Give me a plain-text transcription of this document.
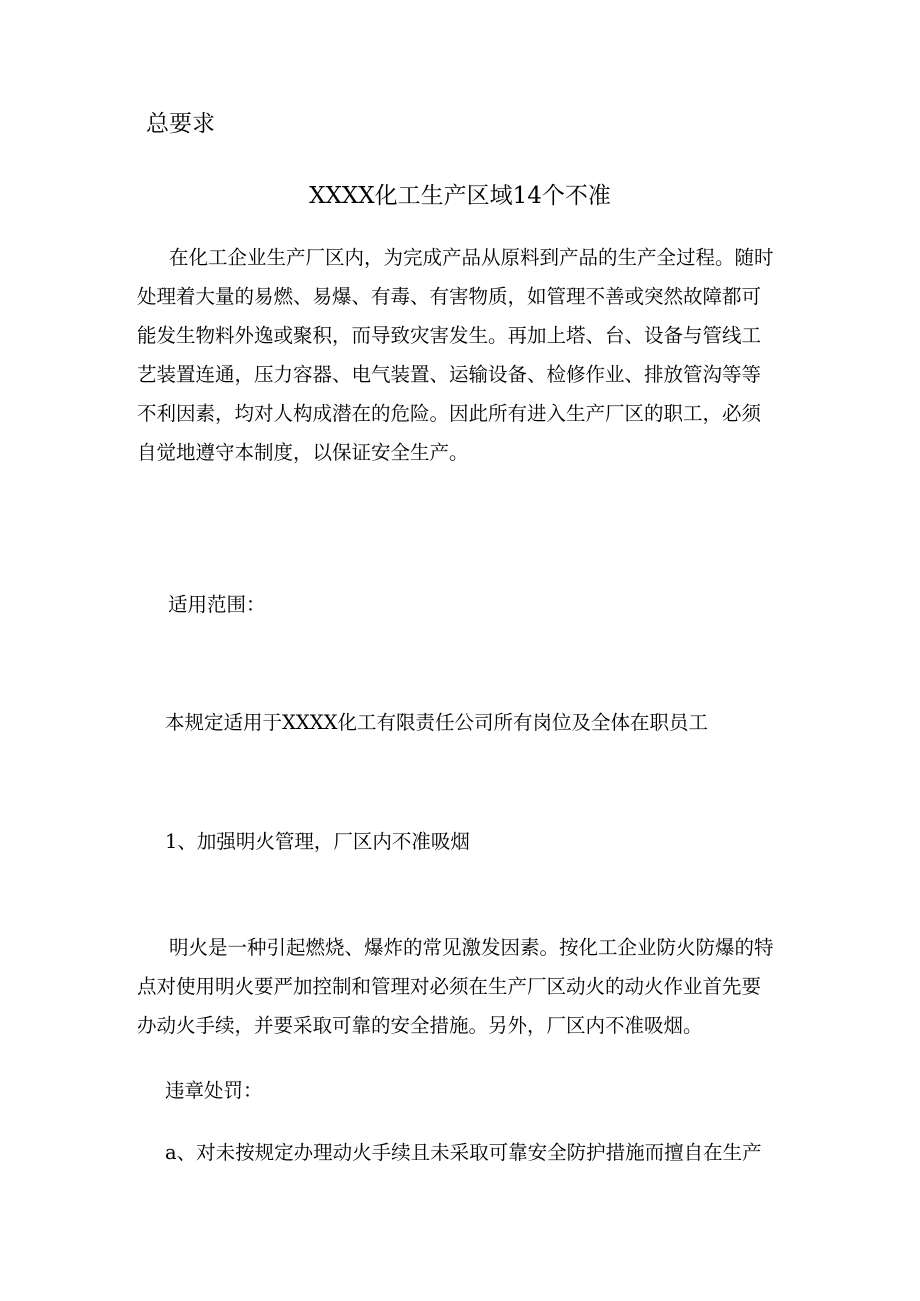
总要求
XXXX化工生产区域14个不准
在化工企业生产厂区内，为完成产品从原料到产品的生产全过程。随时
处理着大量的易燃、易爆、有毒、有害物质，如管理不善或突然故障都可
能发生物料外逸或聚积，而导致灾害发生。再加上塔、台、设备与管线工
艺装置连通，压力容器、电气装置、运输设备、检修作业、排放管沟等等
不利因素，均对人构成潜在的危险。因此所有进入生产厂区的职工，必须
自觉地遵守本制度，以保证安全生产。
适用范围：
本规定适用于XXXX化工有限责任公司所有岗位及全体在职员工
1、加强明火管理，厂区内不准吸烟
明火是一种引起燃烧、爆炸的常见激发因素。按化工企业防火防爆的特
点对使用明火要严加控制和管理对必须在生产厂区动火的动火作业首先要
办动火手续，并要采取可靠的安全措施。另外，厂区内不准吸烟。
违章处罚：
a、对未按规定办理动火手续且未采取可靠安全防护措施而擅自在生产
